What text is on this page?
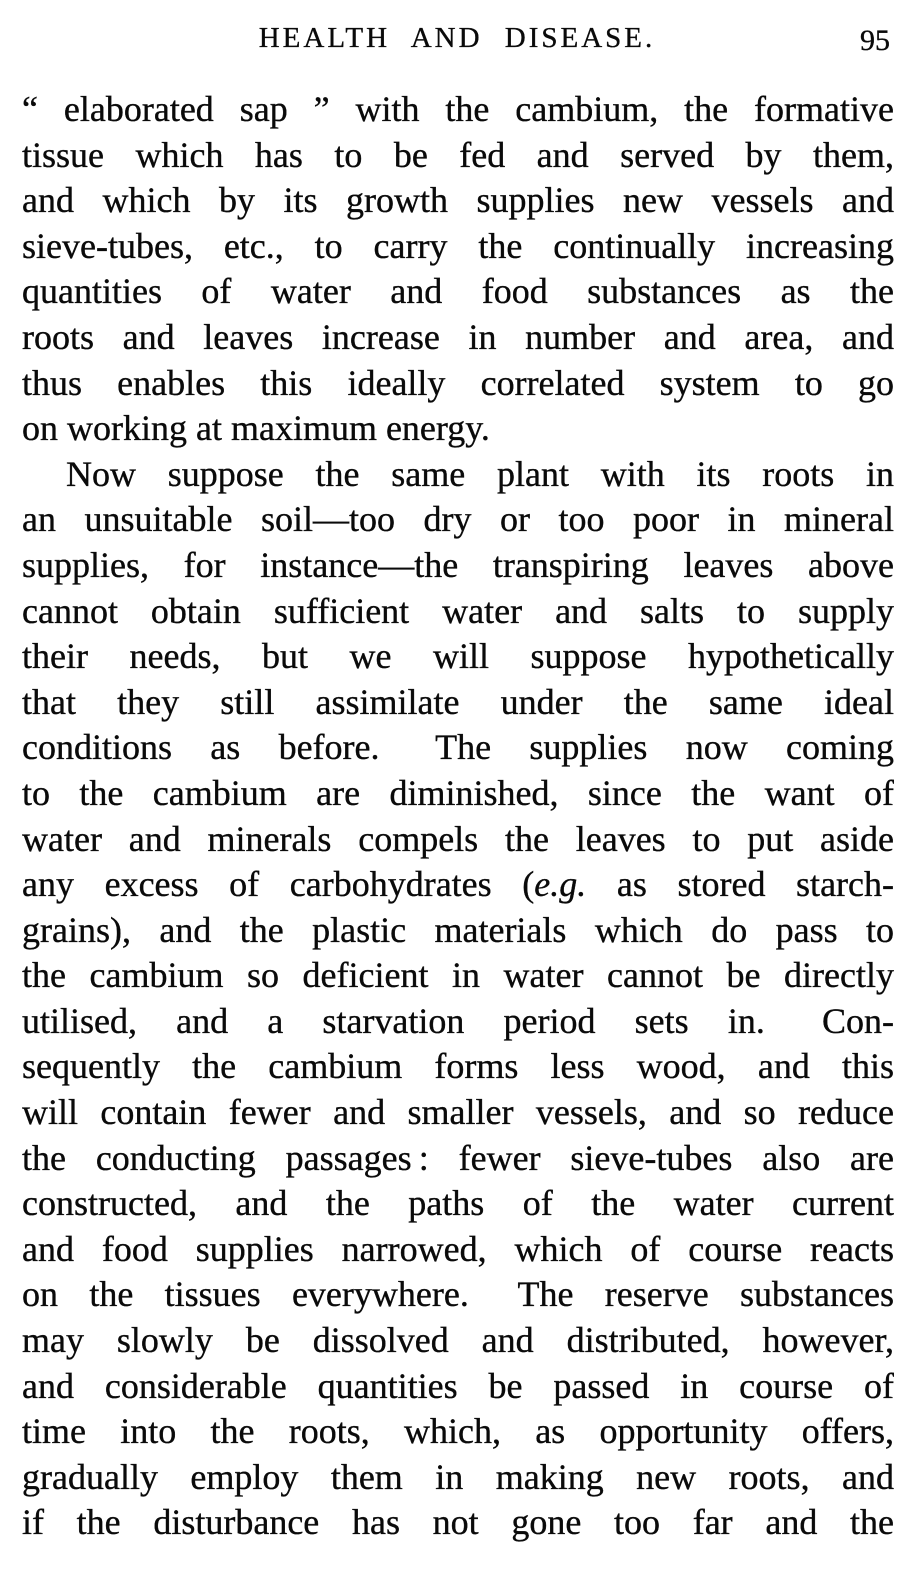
HEALTH AND DISEASE.	95
“ elaborated sap ” with the cambium, the formative
tissue which has to be fed and served by them,
and which by its growth supplies new vessels and
sieve-tubes, etc., to carry the continually increasing
quantities of water and food substances as the
roots and leaves increase in number and area, and
thus enables this ideally correlated system to go
on working at maximum energy.
Now suppose the same plant with its roots in
an unsuitable soil—too dry or too poor in mineral
supplies, for instance—the transpiring leaves above
cannot obtain sufficient water and salts to supply
their needs, but we will suppose hypothetically
that they still assimilate under the same ideal
conditions as before.  The supplies now coming
to the cambium are diminished, since the want of
water and minerals compels the leaves to put aside
any excess of carbohydrates (e.g. as stored starch-
grains), and the plastic materials which do pass to
the cambium so deficient in water cannot be directly
utilised, and a starvation period sets in.  Con-
sequently the cambium forms less wood, and this
will contain fewer and smaller vessels, and so reduce
the conducting passages : fewer sieve-tubes also are
constructed, and the paths of the water current
and food supplies narrowed, which of course reacts
on the tissues everywhere.  The reserve substances
may slowly be dissolved and distributed, however,
and considerable quantities be passed in course of
time into the roots, which, as opportunity offers,
gradually employ them in making new roots, and
if the disturbance has not gone too far and the
